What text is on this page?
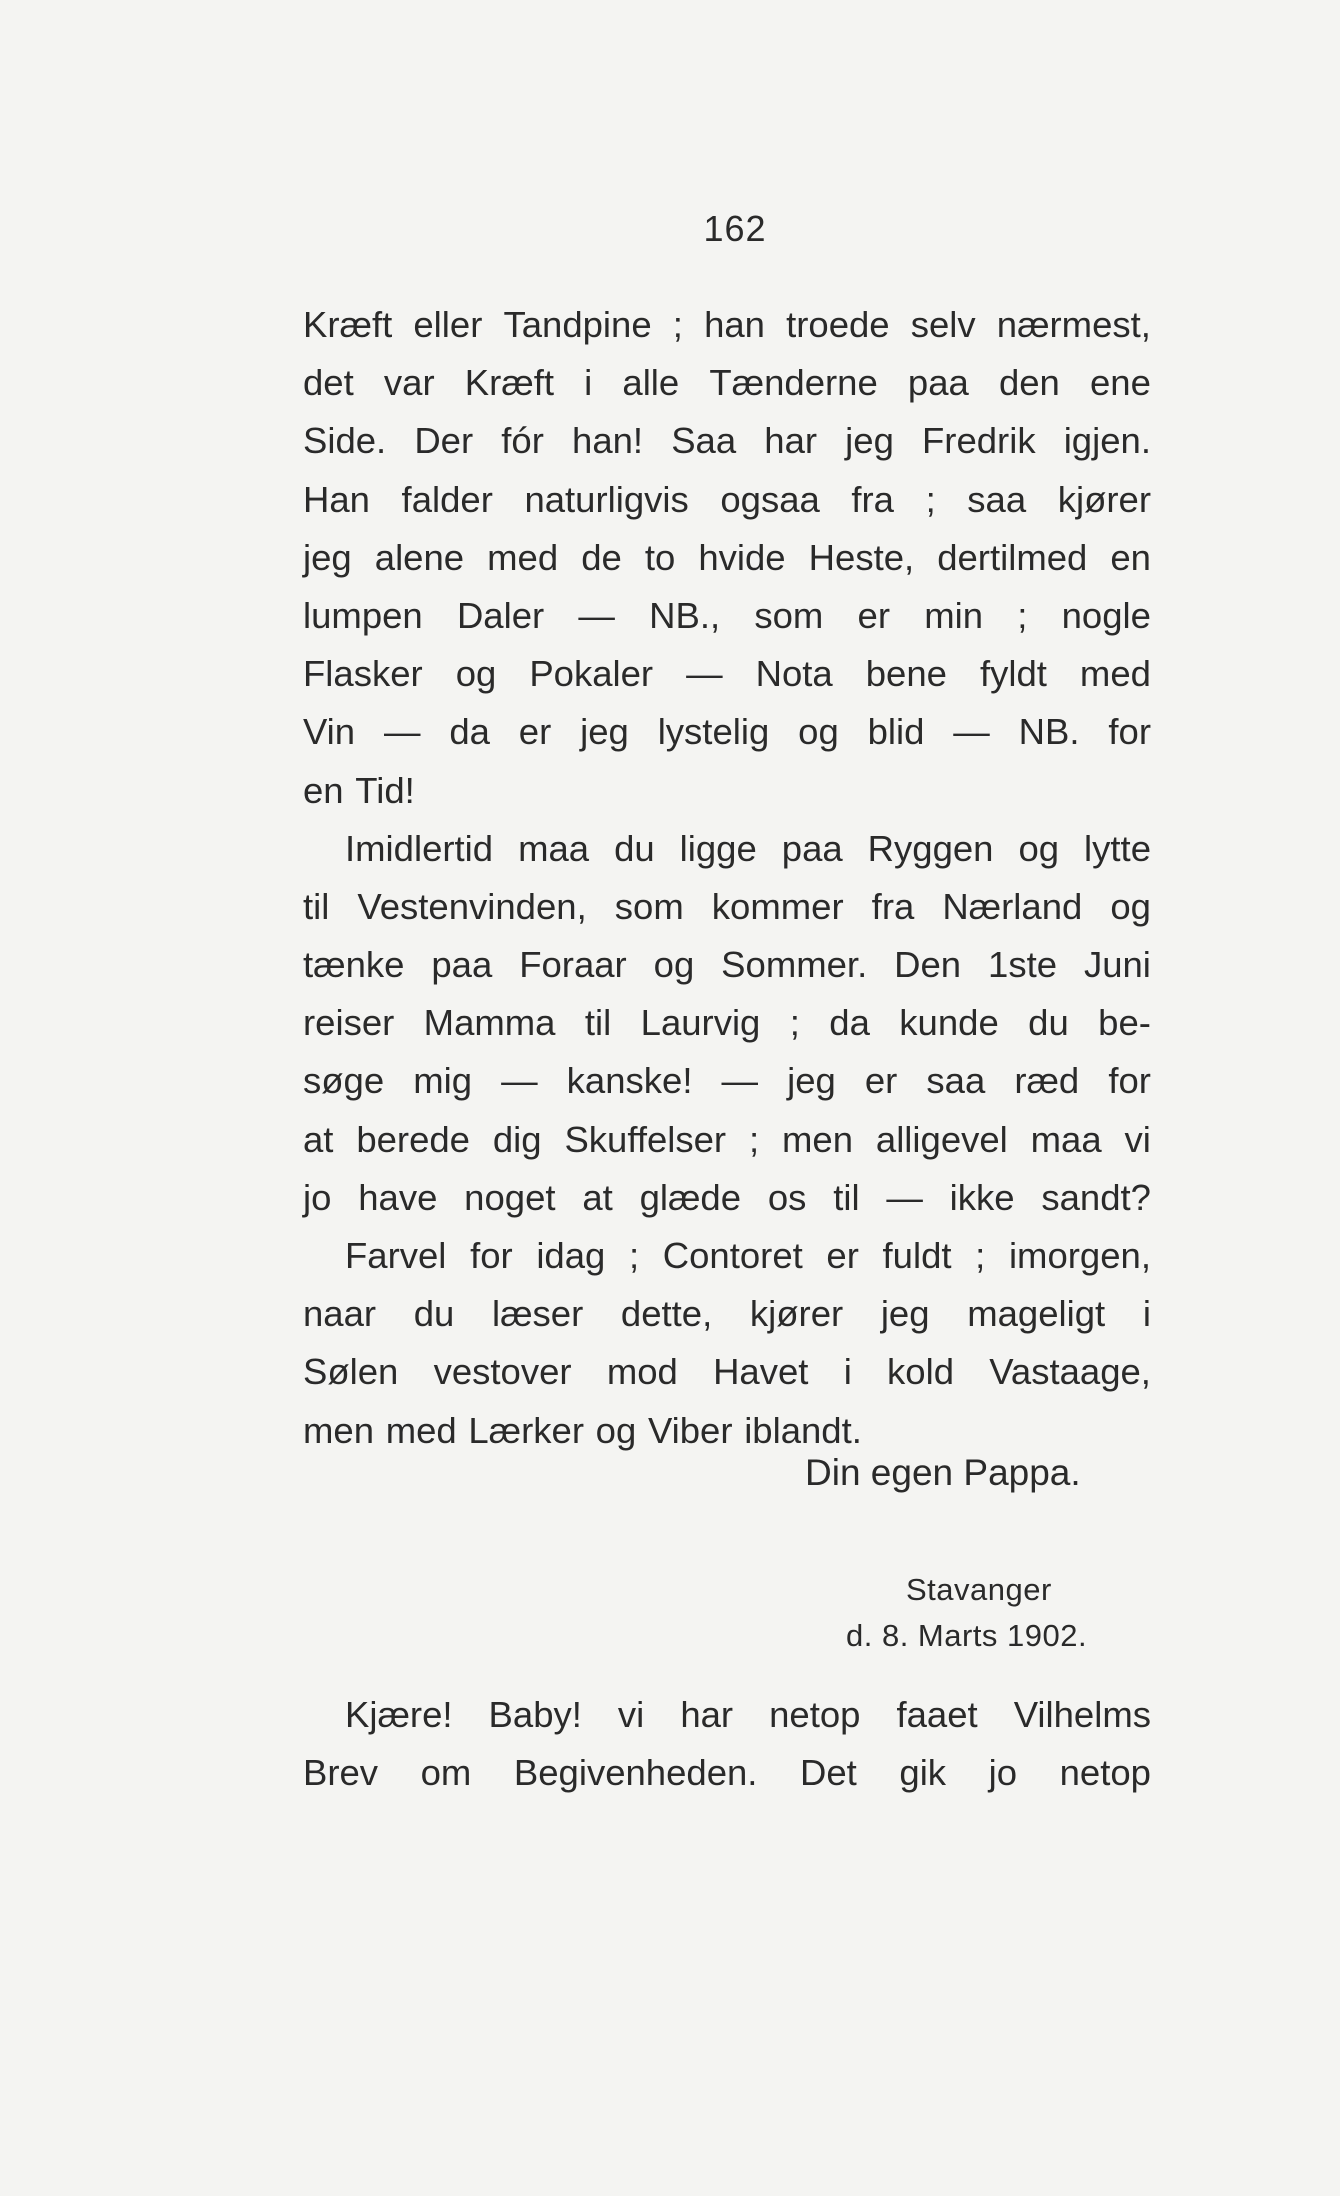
162
Kræft eller Tandpine ; han troede selv nærmest,
det var Kræft i alle Tænderne paa den ene
Side. Der fór han! Saa har jeg Fredrik igjen.
Han falder naturligvis ogsaa fra ; saa kjører
jeg alene med de to hvide Heste, dertilmed en
lumpen Daler — NB., som er min ; nogle
Flasker og Pokaler — Nota bene fyldt med
Vin — da er jeg lystelig og blid — NB. for
en Tid!
Imidlertid maa du ligge paa Ryggen og lytte
til Vestenvinden, som kommer fra Nærland og
tænke paa Foraar og Sommer. Den 1ste Juni
reiser Mamma til Laurvig ; da kunde du be-
søge mig — kanske! — jeg er saa ræd for
at berede dig Skuffelser ; men alligevel maa vi
jo have noget at glæde os til — ikke sandt?
Farvel for idag ; Contoret er fuldt ; imorgen,
naar du læser dette, kjører jeg mageligt i
Sølen vestover mod Havet i kold Vastaage,
men med Lærker og Viber iblandt.
Din egen Pappa.
Stavanger
d. 8. Marts 1902.
Kjære! Baby! vi har netop faaet Vilhelms
Brev om Begivenheden. Det gik jo netop
